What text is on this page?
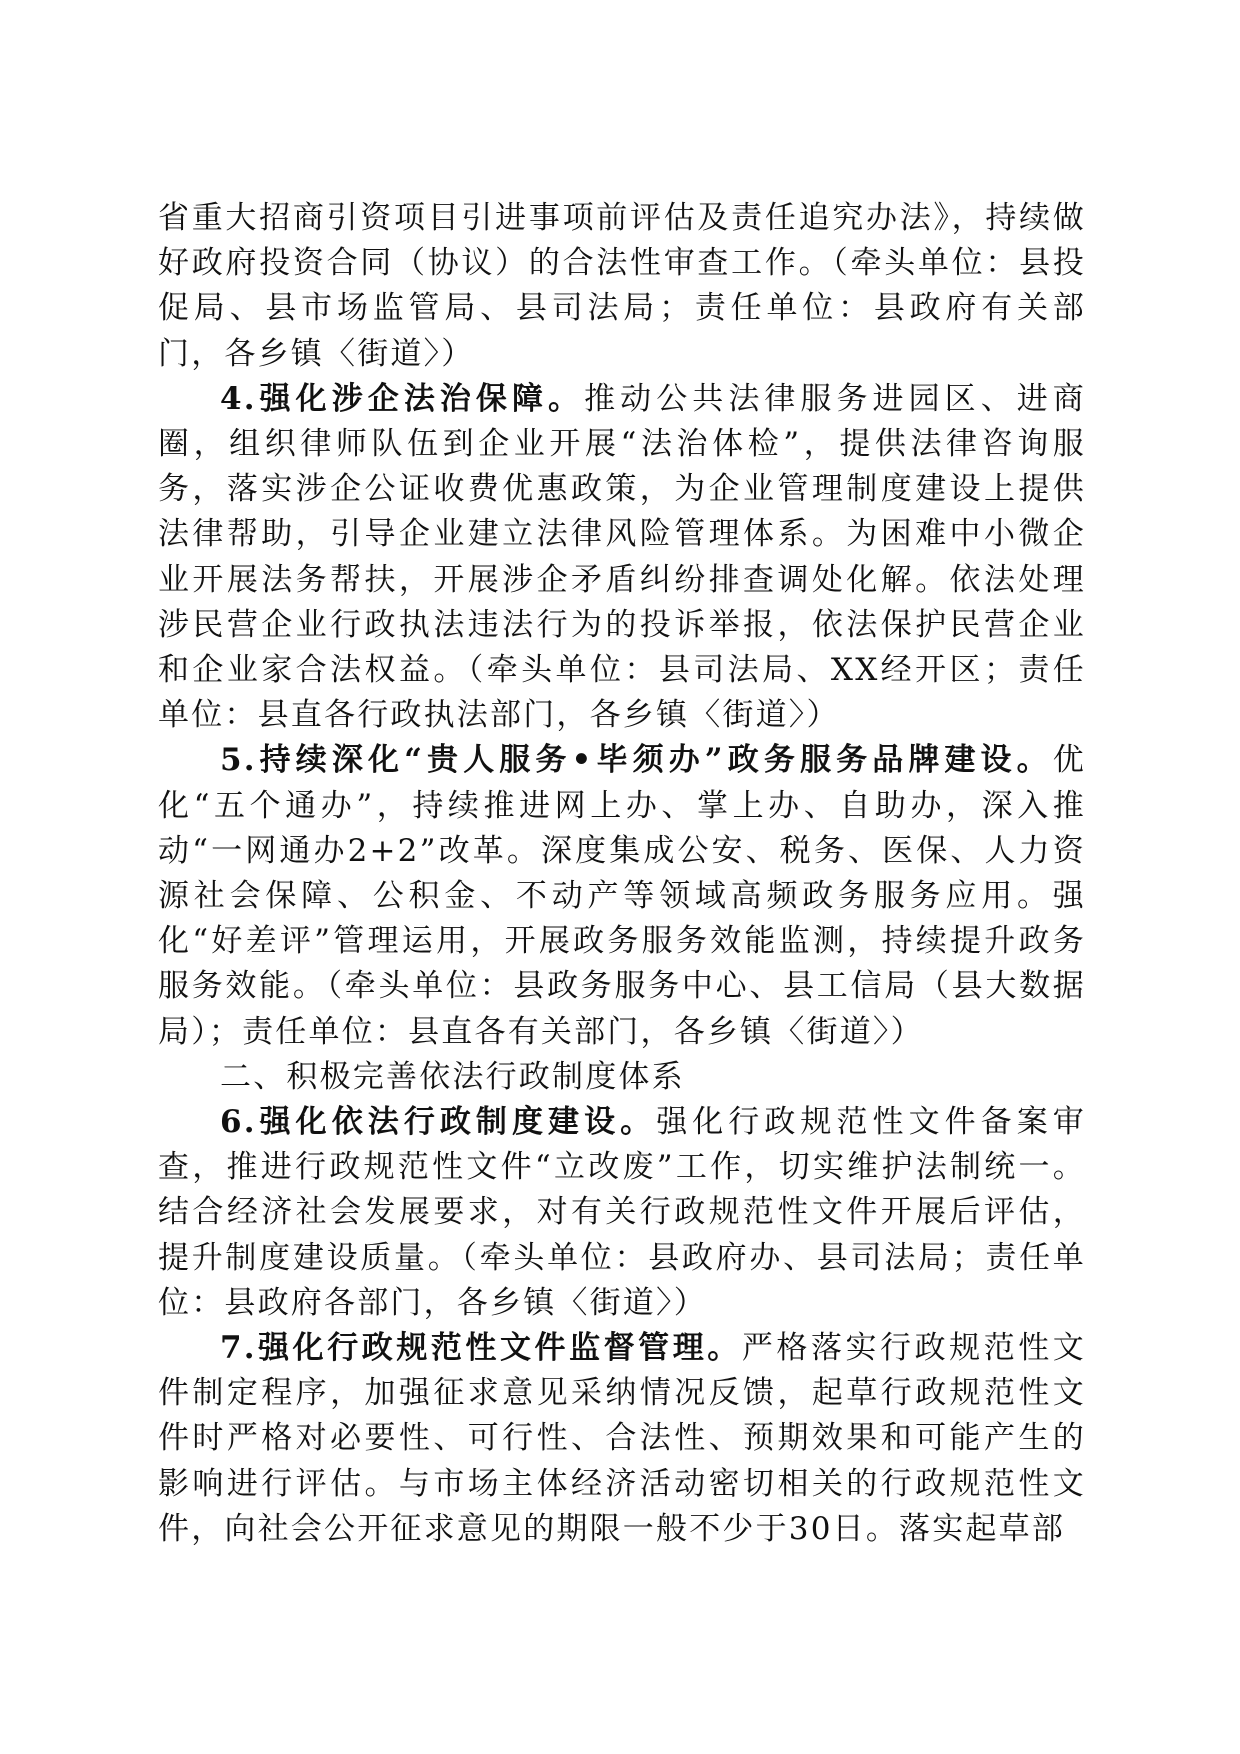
省重大招商引资项目引进事项前评估及责任追究办法》，持续做好政府投资合同（协议）的合法性审查工作。（牵头单位：县投促局、县市场监管局、县司法局；责任单位：县政府有关部门，各乡镇〈街道〉）

4.强化涉企法治保障。推动公共法律服务进园区、进商圈，组织律师队伍到企业开展“法治体检”，提供法律咨询服务，落实涉企公证收费优惠政策，为企业管理制度建设上提供法律帮助，引导企业建立法律风险管理体系。为困难中小微企业开展法务帮扶，开展涉企矛盾纠纷排查调处化解。依法处理涉民营企业行政执法违法行为的投诉举报，依法保护民营企业和企业家合法权益。（牵头单位：县司法局、XX经开区；责任单位：县直各行政执法部门，各乡镇〈街道〉）

5.持续深化“贵人服务•毕须办”政务服务品牌建设。优化“五个通办”，持续推进网上办、掌上办、自助办，深入推动“一网通办2+2”改革。深度集成公安、税务、医保、人力资源社会保障、公积金、不动产等领域高频政务服务应用。强化“好差评”管理运用，开展政务服务效能监测，持续提升政务服务效能。（牵头单位：县政务服务中心、县工信局（县大数据局）；责任单位：县直各有关部门，各乡镇〈街道〉）

二、积极完善依法行政制度体系

6.强化依法行政制度建设。强化行政规范性文件备案审查，推进行政规范性文件“立改废”工作，切实维护法制统一。结合经济社会发展要求，对有关行政规范性文件开展后评估，提升制度建设质量。（牵头单位：县政府办、县司法局；责任单位：县政府各部门，各乡镇〈街道〉）

7.强化行政规范性文件监督管理。严格落实行政规范性文件制定程序，加强征求意见采纳情况反馈，起草行政规范性文件时严格对必要性、可行性、合法性、预期效果和可能产生的影响进行评估。与市场主体经济活动密切相关的行政规范性文件，向社会公开征求意见的期限一般不少于30日。落实起草部
